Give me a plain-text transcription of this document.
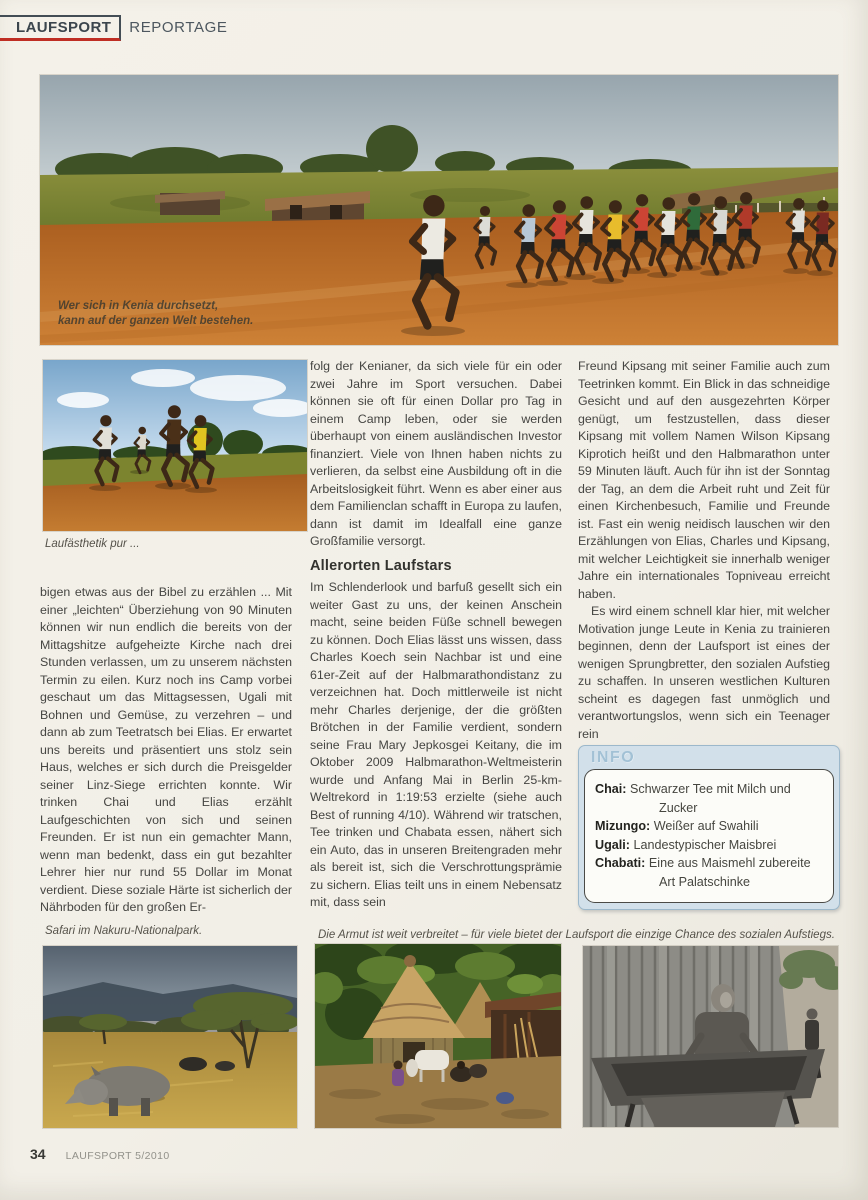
LAUFSPORT	REPORTAGE
Wer sich in Kenia durchsetzt,
kann auf der ganzen Welt bestehen.
Laufästhetik pur ...

bigen etwas aus der Bibel zu erzählen ... Mit einer „leichten“ Überziehung von 90 Minuten können wir nun endlich die bereits von der Mittagshitze aufgeheizte Kirche nach drei Stunden verlassen, um zu unserem nächsten Termin zu eilen. Kurz noch ins Camp vorbei geschaut um das Mittagsessen, Ugali mit Bohnen und Gemüse, zu verzehren – und dann ab zum Teetratsch bei Elias. Er erwartet uns bereits und präsentiert uns stolz sein Haus, welches er sich durch die Preisgelder seiner Linz-Siege errichten konnte. Wir trinken Chai und Elias erzählt Laufgeschichten von sich und seinen Freunden. Er ist nun ein gemachter Mann, wenn man bedenkt, dass ein gut bezahlter Lehrer hier nur rund 55 Dollar im Monat verdient. Diese soziale Härte ist sicherlich der Nährboden für den großen Er-

folg der Kenianer, da sich viele für ein oder zwei Jahre im Sport versuchen. Dabei können sie oft für einen Dollar pro Tag in einem Camp leben, oder sie werden überhaupt von einem ausländischen Investor finanziert. Viele von Ihnen haben nichts zu verlieren, da selbst eine Ausbildung oft in die Arbeitslosigkeit führt. Wenn es aber einer aus dem Familienclan schafft in Europa zu laufen, dann ist damit im Idealfall eine ganze Großfamilie versorgt.

Allerorten Laufstars

Im Schlenderlook und barfuß gesellt sich ein weiter Gast zu uns, der keinen Anschein macht, seine beiden Füße schnell bewegen zu können. Doch Elias lässt uns wissen, dass Charles Koech sein Nachbar ist und eine 61er-Zeit auf der Halbmarathondistanz zu verzeichnen hat. Doch mittlerweile ist nicht mehr Charles derjenige, der die größten Brötchen in der Familie verdient, sondern seine Frau Mary Jepkosgei Keitany, die im Oktober 2009 Halbmarathon-Weltmeisterin wurde und Anfang Mai in Berlin 25-km-Weltrekord in 1:19:53 erzielte (siehe auch Best of running 4/10). Während wir tratschen, Tee trinken und Chabata essen, nähert sich ein Auto, das in unseren Breitengraden mehr als bereit ist, sich die Verschrottungsprämie zu sichern. Elias teilt uns in einem Nebensatz mit, dass sein

Freund Kipsang mit seiner Familie auch zum Teetrinken kommt. Ein Blick in das schneidige Gesicht und auf den ausgezehrten Körper genügt, um festzustellen, dass dieser Kipsang mit vollem Namen Wilson Kipsang Kiprotich heißt und den Halbmarathon unter 59 Minuten läuft. Auch für ihn ist der Sonntag der Tag, an dem die Arbeit ruht und Zeit für einen Kirchenbesuch, Familie und Freunde ist. Fast ein wenig neidisch lauschen wir den Erzählungen von Elias, Charles und Kipsang, mit welcher Leichtigkeit sie innerhalb weniger Jahre ein internationales Topniveau erreicht haben.

Es wird einem schnell klar hier, mit welcher Motivation junge Leute in Kenia zu trainieren beginnen, denn der Laufsport ist eines der wenigen Sprungbretter, den sozialen Aufstieg zu schaffen. In unseren westlichen Kulturen scheint es dagegen fast unmöglich und verantwortungslos, wenn sich ein Teenager rein

INFO
Chai: Schwarzer Tee mit Milch und Zucker
Mizungo: Weißer auf Swahili
Ugali: Landestypischer Maisbrei
Chabati: Eine aus Maismehl zubereite Art Palatschinke
Safari im Nakuru-Nationalpark.	Die Armut ist weit verbreitet – für viele bietet der Laufsport die einzige Chance des sozialen Aufstiegs.
34 LAUFSPORT 5/2010
